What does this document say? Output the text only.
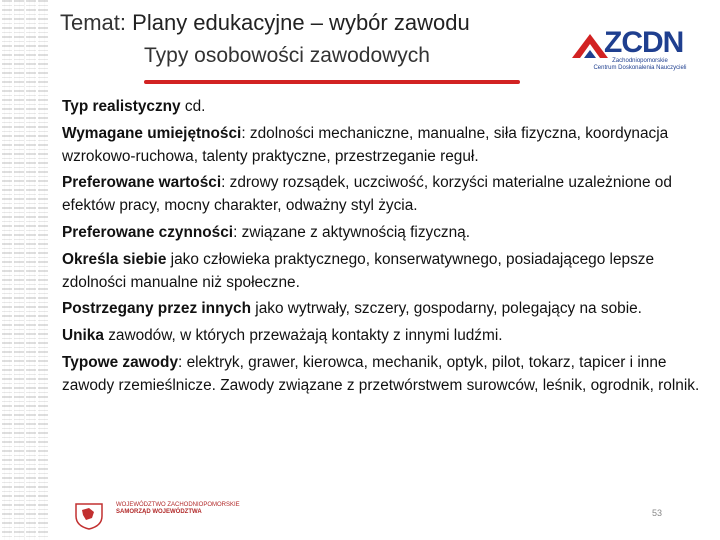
Temat: Plany edukacyjne – wybór zawodu
Typy osobowości zawodowych	ZCDN
Zachodniopomorskie
Centrum Doskonalenia Nauczycieli

Typ realistyczny cd.

Wymagane umiejętności: zdolności mechaniczne, manualne, siła fizyczna, koordynacja wzrokowo-ruchowa, talenty praktyczne, przestrzeganie reguł.

Preferowane wartości: zdrowy rozsądek, uczciwość, korzyści materialne uzależnione od efektów pracy, mocny charakter, odważny styl życia.

Preferowane czynności: związane z aktywnością fizyczną.

Określa siebie jako człowieka praktycznego, konserwatywnego, posiadającego lepsze zdolności manualne niż społeczne.

Postrzegany przez innych jako wytrwały, szczery, gospodarny, polegający na sobie.

Unika zawodów, w których przeważają kontakty z innymi ludźmi.

Typowe zawody: elektryk, grawer, kierowca, mechanik, optyk, pilot, tokarz, tapicer i inne zawody rzemieślnicze. Zawody związane z przetwórstwem surowców, leśnik, ogrodnik, rolnik.

WOJEWÓDZTWO ZACHODNIOPOMORSKIE
SAMORZĄD WOJEWÓDZTWA	53
